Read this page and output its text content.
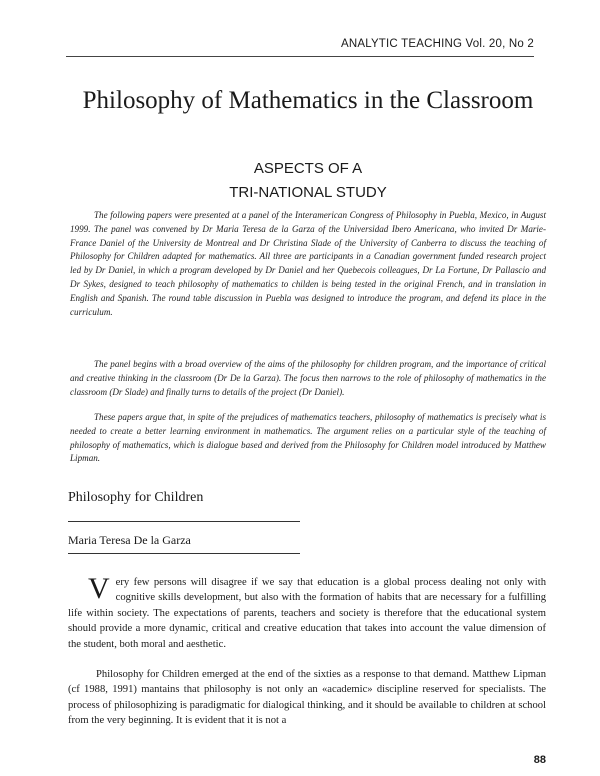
ANALYTIC TEACHING Vol. 20, No 2
Philosophy of Mathematics in the Classroom
ASPECTS OF A
TRI-NATIONAL STUDY

The following papers were presented at a panel of the Interamerican Congress of Philosophy in Puebla, Mexico, in August 1999. The panel was convened by Dr Maria Teresa de la Garza of the Universidad Ibero Americana, who invited Dr Marie-France Daniel of the University de Montreal and Dr Christina Slade of the University of Canberra to discuss the teaching of Philosophy for Children adapted for mathematics. All three are participants in a Canadian government funded research project led by Dr Daniel, in which a program developed by Dr Daniel and her Quebecois colleagues, Dr La Fortune, Dr Pallascio and Dr Sykes, designed to teach philosophy of mathematics to childen is being tested in the original French, and in translation in English and Spanish. The round table discussion in Puebla was designed to introduce the program, and defend its place in the curriculum.

The panel begins with a broad overview of the aims of the philosophy for children program, and the importance of critical and creative thinking in the classroom (Dr De la Garza). The focus then narrows to the role of philosophy of mathematics in the classroom (Dr Slade) and finally turns to details of the project (Dr Daniel).

These papers argue that, in spite of the prejudices of mathematics teachers, philosophy of mathematics is precisely what is needed to create a better learning environment in mathematics. The argument relies on a particular style of the teaching of philosophy of mathematics, which is dialogue based and derived from the Philosophy for Children model introduced by Matthew Lipman.

Philosophy for Children
Maria Teresa De la Garza

Very few persons will disagree if we say that education is a global process dealing not only with cognitive skills development, but also with the formation of habits that are necessary for a fulfilling life within society. The expectations of parents, teachers and society is therefore that the educational system should provide a more dynamic, critical and creative education that takes into account the value dimension of the student, both moral and aesthetic.

Philosophy for Children emerged at the end of the sixties as a response to that demand. Matthew Lipman (cf 1988, 1991) mantains that philosophy is not only an «academic» discipline reserved for specialists. The process of philosophizing is paradigmatic for dialogical thinking, and it should be available to children at school from the very beginning. It is evident that it is not a

88
